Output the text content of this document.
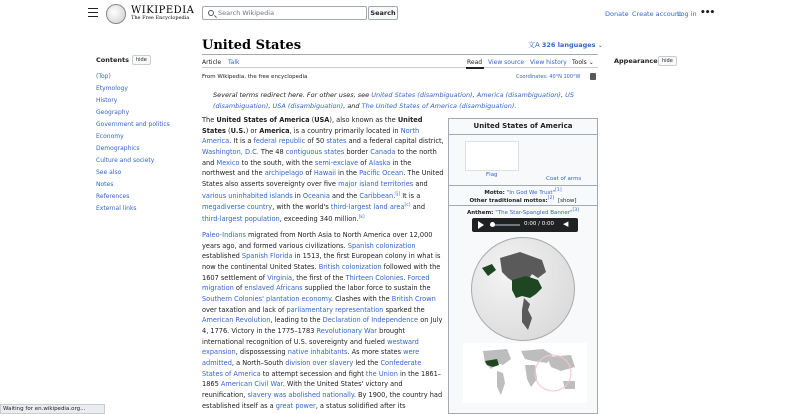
WIKIPEDIA
The Free Encyclopedia
Search Wikipedia	Search	Donate Create account
Log in •••
Contents	hide
(Top)
Etymology
History
Geography
Government and politics
Economy
Demographics
Culture and society
See also
Notes
References
External links
United States	文A 326 languages ⌄
Article Talk	Read View source View history Tools ⌄
From Wikipedia, the free encyclopedia	Coordinates: 40°N 100°W
Several terms redirect here. For other uses, see United States (disambiguation), America (disambiguation), US (disambiguation), USA (disambiguation), and The United States of America (disambiguation).
The United States of America (USA), also known as the United States (U.S.) or America, is a country primarily located in North America. It is a federal republic of 50 states and a federal capital district, Washington, D.C. The 48 contiguous states border Canada to the north and Mexico to the south, with the semi-exclave of Alaska in the northwest and the archipelago of Hawaii in the Pacific Ocean. The United States also asserts sovereignty over five major island territories and various uninhabited islands in Oceania and the Caribbean.[j] It is a megadiverse country, with the world's third-largest land area[c] and third-largest population, exceeding 340 million.[k]
Paleo-Indians migrated from North Asia to North America over 12,000 years ago, and formed various civilizations. Spanish colonization established Spanish Florida in 1513, the first European colony in what is now the continental United States. British colonization followed with the 1607 settlement of Virginia, the first of the Thirteen Colonies. Forced migration of enslaved Africans supplied the labor force to sustain the Southern Colonies' plantation economy. Clashes with the British Crown over taxation and lack of parliamentary representation sparked the American Revolution, leading to the Declaration of Independence on July 4, 1776. Victory in the 1775–1783 Revolutionary War brought international recognition of U.S. sovereignty and fueled westward expansion, dispossessing native inhabitants. As more states were admitted, a North–South division over slavery led the Confederate States of America to attempt secession and fight the Union in the 1861–1865 American Civil War. With the United States' victory and reunification, slavery was abolished nationally. By 1900, the country had established itself as a great power, a status solidified after its
Appearance hide
United States of America
Flag
Coat of arms
Motto: "In God We Trust"[1]
Other traditional mottos:[2] [show]
Anthem: "The Star-Spangled Banner"[3]
0:00 / 0:00 ◀
Waiting for en.wikipedia.org...
